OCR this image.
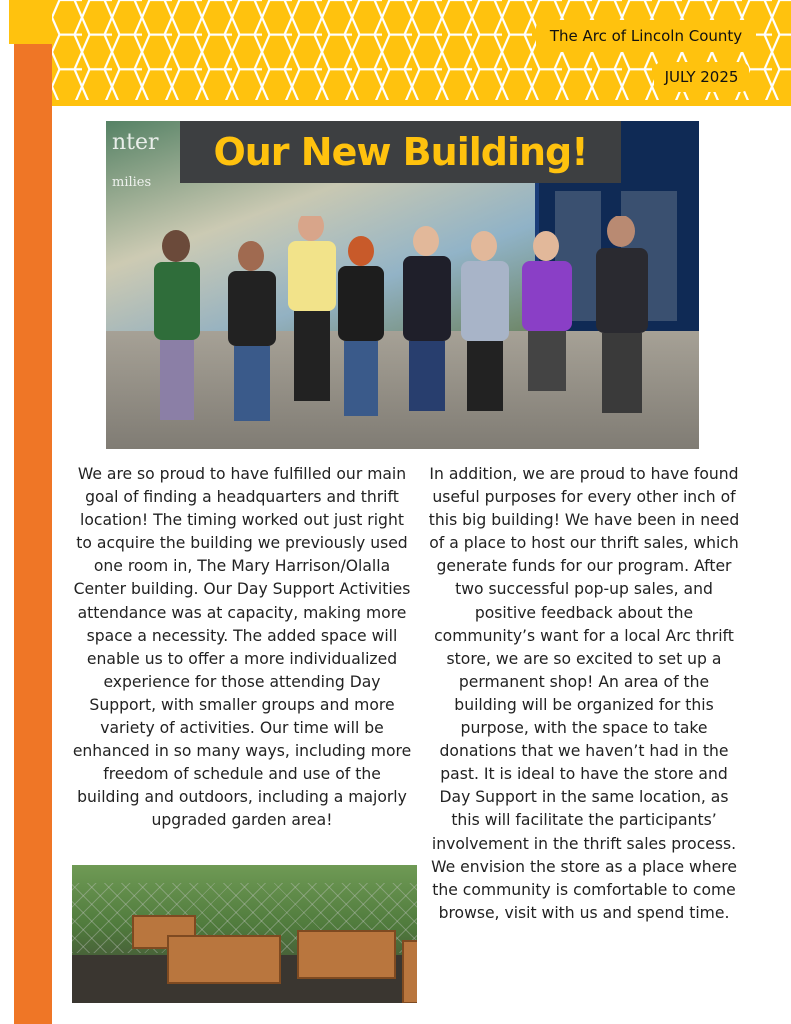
The Arc of Lincoln County
JULY 2025
nter
milies
Our New Building!

We are so proud to have fulfilled our main goal of finding a headquarters and thrift location! The timing worked out just right to acquire the building we previously used one room in, The Mary Harrison/Olalla Center building. Our Day Support Activities attendance was at capacity, making more space a necessity. The added space will enable us to offer a more individualized experience for those attending Day Support, with smaller groups and more variety of activities. Our time will be enhanced in so many ways, including more freedom of schedule and use of the building and outdoors, including a majorly upgraded garden area!

In addition, we are proud to have found useful purposes for every other inch of this big building! We have been in need of a place to host our thrift sales, which generate funds for our program. After two successful pop-up sales, and positive feedback about the community’s want for a local Arc thrift store, we are so excited to set up a permanent shop! An area of the building will be organized for this purpose, with the space to take donations that we haven’t had in the past. It is ideal to have the store and Day Support in the same location, as this will facilitate the participants’ involvement in the thrift sales process. We envision the store as a place where the community is comfortable to come browse, visit with us and spend time.
